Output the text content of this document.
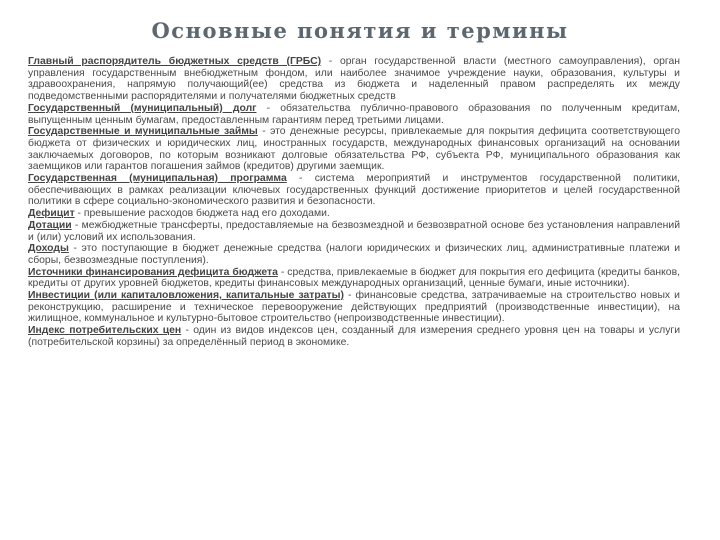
Основные понятия и термины

Главный распорядитель бюджетных средств (ГРБС) - орган государственной власти (местного самоуправления), орган управления государственным внебюджетным фондом, или наиболее значимое учреждение науки, образования, культуры и здравоохранения, напрямую получающий(ее) средства из бюджета и наделенный правом распределять их между подведомственными распорядителями и получателями бюджетных средств

Государственный (муниципальный) долг - обязательства публично-правового образования по полученным кредитам, выпущенным ценным бумагам, предоставленным гарантиям перед третьими лицами.

Государственные и муниципальные займы - это денежные ресурсы, привлекаемые для покрытия дефицита соответствующего бюджета от физических и юридических лиц, иностранных государств, международных финансовых организаций на основании заключаемых договоров, по которым возникают долговые обязательства РФ, субъекта РФ, муниципального образования как заемщиков или гарантов погашения займов (кредитов) другими заемщик.

Государственная (муниципальная) программа - система мероприятий и инструментов государственной политики, обеспечивающих в рамках реализации ключевых государственных функций достижение приоритетов и целей государственной политики в сфере социально-экономического развития и безопасности.

Дефицит - превышение расходов бюджета над его доходами.

Дотации - межбюджетные трансферты, предоставляемые на безвозмездной и безвозвратной основе без установления направлений и (или) условий их использования.

Доходы - это поступающие в бюджет денежные средства (налоги юридических и физических лиц, административные платежи и сборы, безвозмездные поступления).

Источники финансирования дефицита бюджета - средства, привлекаемые в бюджет для покрытия его дефицита (кредиты банков, кредиты от других уровней бюджетов, кредиты финансовых международных организаций, ценные бумаги, иные источники).

Инвестиции (или капиталовложения, капитальные затраты) - финансовые средства, затрачиваемые на строительство новых и реконструкцию, расширение и техническое перевооружение действующих предприятий (производственные инвестиции), на жилищное, коммунальное и культурно-бытовое строительство (непроизводственные инвестиции).

Индекс потребительских цен - один из видов индексов цен, созданный для измерения среднего уровня цен на товары и услуги (потребительской корзины) за определённый период в экономике.
